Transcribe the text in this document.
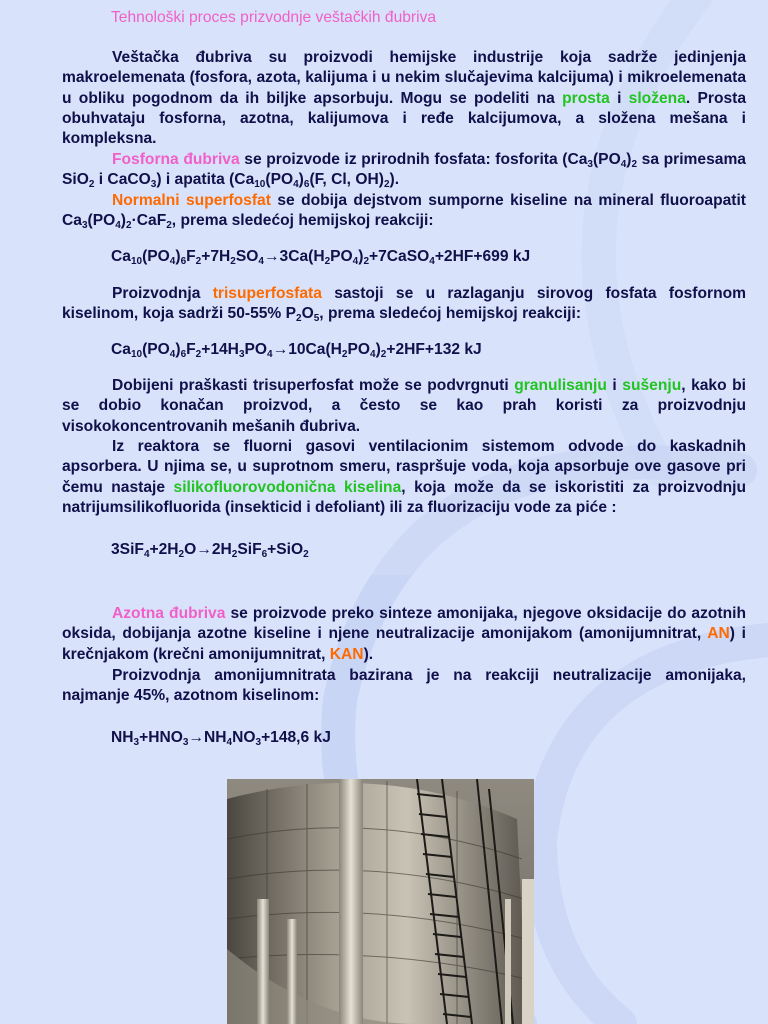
Tehnološki proces prizvodnje veštačkih đubriva

Veštačka đubriva su proizvodi hemijske industrije koja sadrže jedinjenja makroelemenata (fosfora, azota, kalijuma i u nekim slučajevima kalcijuma) i mikroelemenata u obliku pogodnom da ih biljke apsorbuju. Mogu se podeliti na prosta i složena. Prosta obuhvataju fosforna, azotna, kalijumova i ređe kalcijumova, a složena mešana i kompleksna.

Fosforna đubriva se proizvode iz prirodnih fosfata: fosforita ($Ca_3(PO_4)_2$ sa primesama SiO$_2$ i CaCO$_3$) i apatita ($Ca_{10}(PO_4)_6(F$, Cl, $OH)_2$).

Normalni superfosfat se dobija dejstvom sumporne kiseline na mineral fluoroapatit $Ca_3(PO_4)_2\cdot CaF_2$, prema sledećoj hemijskoj reakciji:

$Ca_{10}(PO_4)_6F_2+7H_2SO_4\to 3Ca(H_2PO_4)_2+7CaSO_4+2HF+699$ kJ

Proizvodnja trisuperfosfata sastoji se u razlaganju sirovog fosfata fosfornom kiselinom, koja sadrži 50-55% $P_2O_5$, prema sledećoj hemijskoj reakciji:

$Ca_{10}(PO_4)_6F_2+14H_3PO_4\to 10Ca(H_2PO_4)_2+2HF+132$ kJ

Dobijeni praškasti trisuperfosfat može se podvrgnuti granulisanju i sušenju, kako bi se dobio konačan proizvod, a često se kao prah koristi za proizvodnju visokokoncentrovanih mešanih đubriva.

Iz reaktora se fluorni gasovi ventilacionim sistemom odvode do kaskadnih apsorbera. U njima se, u suprotnom smeru, raspršuje voda, koja apsorbuje ove gasove pri čemu nastaje silikofluorovodonična kiselina, koja može da se iskoristiti za proizvodnju natrijumsilikofluorida (insekticid i defoliant) ili za fluorizaciju vode za piće :

$3SiF_4+2H_2O\to 2H_2SiF_6+SiO_2$

Azotna đubriva se proizvode preko sinteze amonijaka, njegove oksidacije do azotnih oksida, dobijanja azotne kiseline i njene neutralizacije amonijakom (amonijumnitrat, AN) i krečnjakom (krečni amonijumnitrat, KAN).

Proizvodnja amonijumnitrata bazirana je na reakciji neutralizacije amonijaka, najmanje 45%, azotnom kiselinom:

$NH_3+HNO_3\to NH_4NO_3+148,6$ kJ
